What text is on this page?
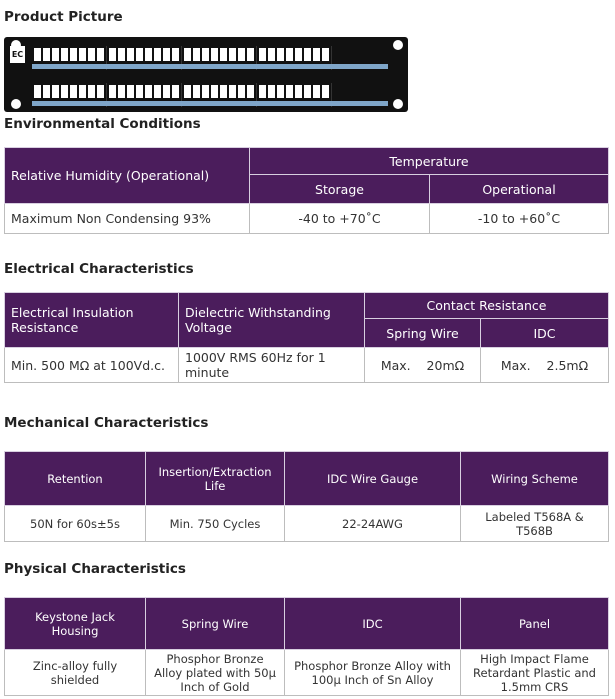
Product Picture
EC
Environmental Conditions
Relative Humidity (Operational)	Temperature	
	Storage	Operational
Maximum Non Condensing 93%	-40 to +70˚C	-10 to +60˚C
Electrical Characteristics
Electrical Insulation Resistance	Dielectric Withstanding Voltage	Contact Resistance	
		Spring Wire	IDC
Min. 500 MΩ at 100Vd.c.	1000V RMS 60Hz for 1 minute	Max.    20mΩ	Max.    2.5mΩ
Mechanical Characteristics
Retention	Insertion/Extraction Life	IDC Wire Gauge	Wiring Scheme
50N for 60s±5s	Min. 750 Cycles	22-24AWG	Labeled T568A & T568B
Physical Characteristics
Keystone Jack Housing	Spring Wire	IDC	Panel
Zinc-alloy fully shielded	Phosphor Bronze Alloy plated with 50μ Inch of Gold	Phosphor Bronze Alloy with 100μ Inch of Sn Alloy	High Impact Flame Retardant Plastic and 1.5mm CRS
